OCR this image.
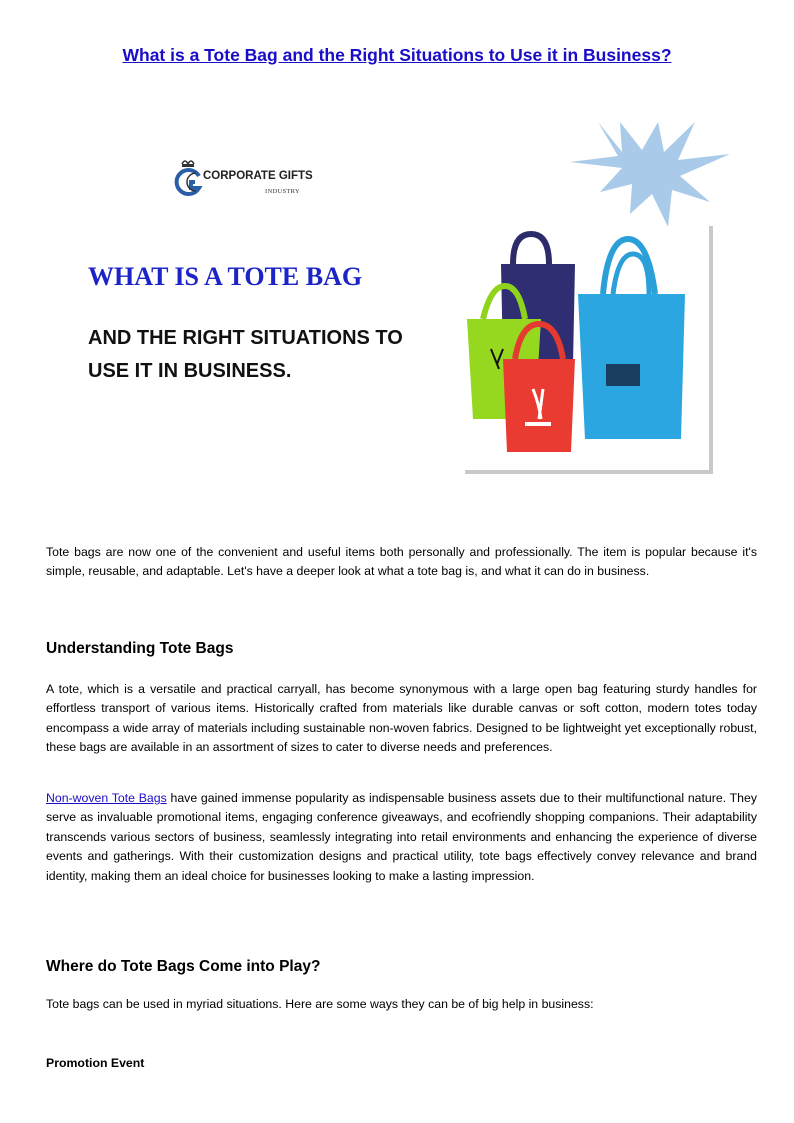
What is a Tote Bag and the Right Situations to Use it in Business?
CORPORATE GIFTS
INDUSTRY
WHAT IS A TOTE BAG
AND THE RIGHT SITUATIONS TO
USE IT IN BUSINESS.
Tote bags are now one of the convenient and useful items both personally and professionally. The item is popular because it's simple, reusable, and adaptable. Let's have a deeper look at what a tote bag is, and what it can do in business.
Understanding Tote Bags
A tote, which is a versatile and practical carryall, has become synonymous with a large open bag featuring sturdy handles for effortless transport of various items. Historically crafted from materials like durable canvas or soft cotton, modern totes today encompass a wide array of materials including sustainable non-woven fabrics. Designed to be lightweight yet exceptionally robust, these bags are available in an assortment of sizes to cater to diverse needs and preferences.
Non-woven Tote Bags have gained immense popularity as indispensable business assets due to their multifunctional nature. They serve as invaluable promotional items, engaging conference giveaways, and ecofriendly shopping companions. Their adaptability transcends various sectors of business, seamlessly integrating into retail environments and enhancing the experience of diverse events and gatherings. With their customization designs and practical utility, tote bags effectively convey relevance and brand identity, making them an ideal choice for businesses looking to make a lasting impression.
Where do Tote Bags Come into Play?
Tote bags can be used in myriad situations. Here are some ways they can be of big help in business:
Promotion Event
